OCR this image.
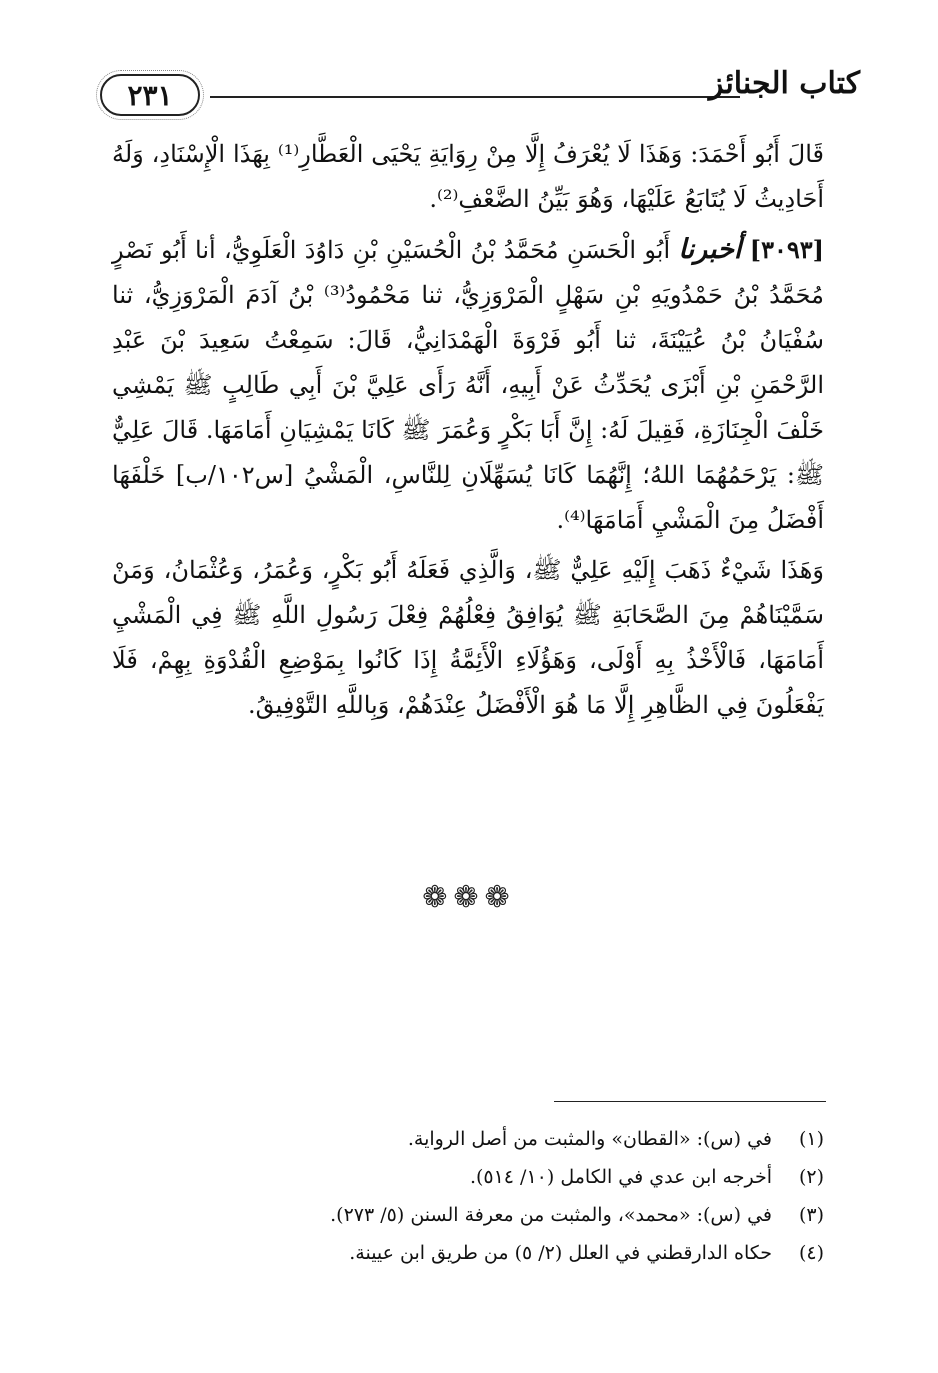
٢٣١	كتاب الجنائز

قَالَ أَبُو أَحْمَدَ: وَهَذَا لَا يُعْرَفُ إِلَّا مِنْ رِوَايَةِ يَحْيَى الْعَطَّارِ⁽¹⁾ بِهَذَا الْإِسْنَادِ، وَلَهُ أَحَادِيثُ لَا يُتَابَعُ عَلَيْهَا، وَهُوَ بَيِّنُ الضَّعْفِ⁽²⁾.

[٣٠٩٣] أخبرنا أَبُو الْحَسَنِ مُحَمَّدُ بْنُ الْحُسَيْنِ بْنِ دَاوُدَ الْعَلَوِيُّ، أنا أَبُو نَصْرٍ مُحَمَّدُ بْنُ حَمْدُويَهِ بْنِ سَهْلٍ الْمَرْوَزِيُّ، ثنا مَحْمُودُ⁽³⁾ بْنُ آدَمَ الْمَرْوَزِيُّ، ثنا سُفْيَانُ بْنُ عُيَيْنَةَ، ثنا أَبُو فَرْوَةَ الْهَمْدَانِيُّ، قَالَ: سَمِعْتُ سَعِيدَ بْنَ عَبْدِ الرَّحْمَنِ بْنِ أَبْزَى يُحَدِّثُ عَنْ أَبِيهِ، أَنَّهُ رَأَى عَلِيَّ بْنَ أَبِي طَالِبٍ ﷺ يَمْشِي خَلْفَ الْجِنَازَةِ، فَقِيلَ لَهُ: إِنَّ أَبَا بَكْرٍ وَعُمَرَ ﷺ كَانَا يَمْشِيَانِ أَمَامَهَا. قَالَ عَلِيٌّ ﷺ: يَرْحَمُهُمَا اللهُ؛ إِنَّهُمَا كَانَا يُسَهِّلَانِ لِلنَّاسِ، الْمَشْيُ [س١٠٢/ب] خَلْفَهَا أَفْضَلُ مِنَ الْمَشْيِ أَمَامَهَا⁽⁴⁾.

وَهَذَا شَيْءٌ ذَهَبَ إِلَيْهِ عَلِيٌّ ﷺ، وَالَّذِي فَعَلَهُ أَبُو بَكْرٍ، وَعُمَرُ، وَعُثْمَانُ، وَمَنْ سَمَّيْنَاهُمْ مِنَ الصَّحَابَةِ ﷺ يُوَافِقُ فِعْلُهُمْ فِعْلَ رَسُولِ اللَّهِ ﷺ فِي الْمَشْيِ أَمَامَهَا، فَالْأَخْذُ بِهِ أَوْلَى، وَهَؤُلَاءِ الْأَئِمَّةُ إِذَا كَانُوا بِمَوْضِعِ الْقُدْوَةِ بِهِمْ، فَلَا يَفْعَلُونَ فِي الظَّاهِرِ إِلَّا مَا هُوَ الْأَفْضَلُ عِنْدَهُمْ، وَبِاللَّهِ التَّوْفِيقُ.

❁❁❁
(١)
في (س): «القطان» والمثبت من أصل الرواية.
(٢)
أخرجه ابن عدي في الكامل (١٠/ ٥١٤).
(٣)
في (س): «محمد»، والمثبت من معرفة السنن (٥/ ٢٧٣).
(٤)
حكاه الدارقطني في العلل (٢/ ٥) من طريق ابن عيينة.
